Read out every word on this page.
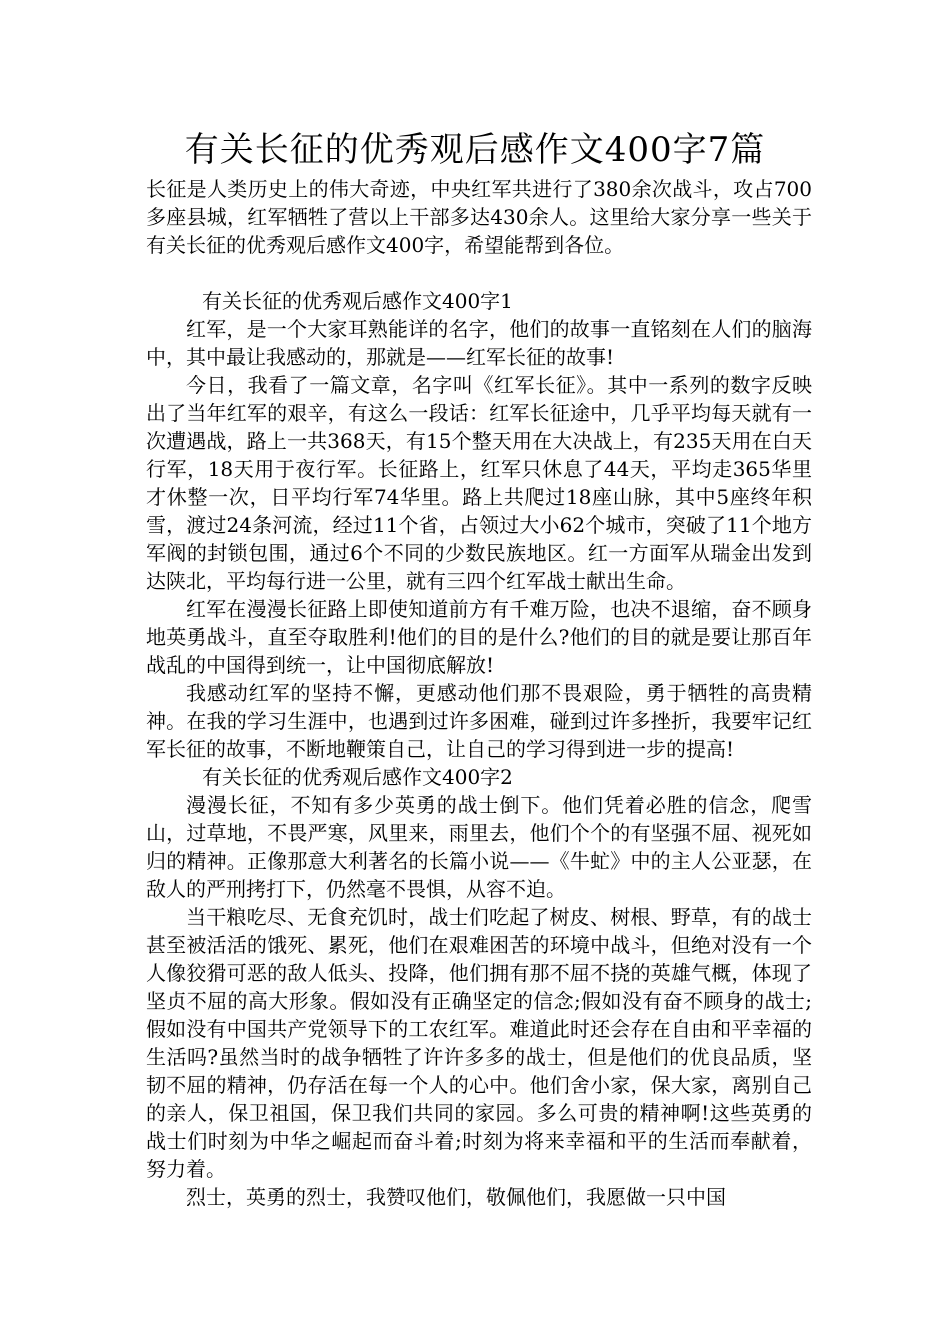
有关长征的优秀观后感作文400字7篇

长征是人类历史上的伟大奇迹，中央红军共进行了380余次战斗，攻占700多座县城，红军牺牲了营以上干部多达430余人。这里给大家分享一些关于有关长征的优秀观后感作文400字，希望能帮到各位。

有关长征的优秀观后感作文400字1

红军，是一个大家耳熟能详的名字，他们的故事一直铭刻在人们的脑海中，其中最让我感动的，那就是——红军长征的故事!

今日，我看了一篇文章，名字叫《红军长征》。其中一系列的数字反映出了当年红军的艰辛，有这么一段话：红军长征途中，几乎平均每天就有一次遭遇战，路上一共368天，有15个整天用在大决战上，有235天用在白天行军，18天用于夜行军。长征路上，红军只休息了44天，平均走365华里才休整一次，日平均行军74华里。路上共爬过18座山脉，其中5座终年积雪，渡过24条河流，经过11个省，占领过大小62个城市，突破了11个地方军阀的封锁包围，通过6个不同的少数民族地区。红一方面军从瑞金出发到达陕北，平均每行进一公里，就有三四个红军战士献出生命。

红军在漫漫长征路上即使知道前方有千难万险，也决不退缩，奋不顾身地英勇战斗，直至夺取胜利!他们的目的是什么?他们的目的就是要让那百年战乱的中国得到统一，让中国彻底解放!

我感动红军的坚持不懈，更感动他们那不畏艰险，勇于牺牲的高贵精神。在我的学习生涯中，也遇到过许多困难，碰到过许多挫折，我要牢记红军长征的故事，不断地鞭策自己，让自己的学习得到进一步的提高!

有关长征的优秀观后感作文400字2

漫漫长征，不知有多少英勇的战士倒下。他们凭着必胜的信念，爬雪山，过草地，不畏严寒，风里来，雨里去，他们个个的有坚强不屈、视死如归的精神。正像那意大利著名的长篇小说——《牛虻》中的主人公亚瑟，在敌人的严刑拷打下，仍然毫不畏惧，从容不迫。

当干粮吃尽、无食充饥时，战士们吃起了树皮、树根、野草，有的战士甚至被活活的饿死、累死，他们在艰难困苦的环境中战斗，但绝对没有一个人像狡猾可恶的敌人低头、投降，他们拥有那不屈不挠的英雄气概，体现了坚贞不屈的高大形象。假如没有正确坚定的信念;假如没有奋不顾身的战士;假如没有中国共产党领导下的工农红军。难道此时还会存在自由和平幸福的生活吗?虽然当时的战争牺牲了许许多多的战士，但是他们的优良品质，坚韧不屈的精神，仍存活在每一个人的心中。他们舍小家，保大家，离别自己的亲人，保卫祖国，保卫我们共同的家园。多么可贵的精神啊!这些英勇的战士们时刻为中华之崛起而奋斗着;时刻为将来幸福和平的生活而奉献着，努力着。

烈士，英勇的烈士，我赞叹他们，敬佩他们，我愿做一只中国
